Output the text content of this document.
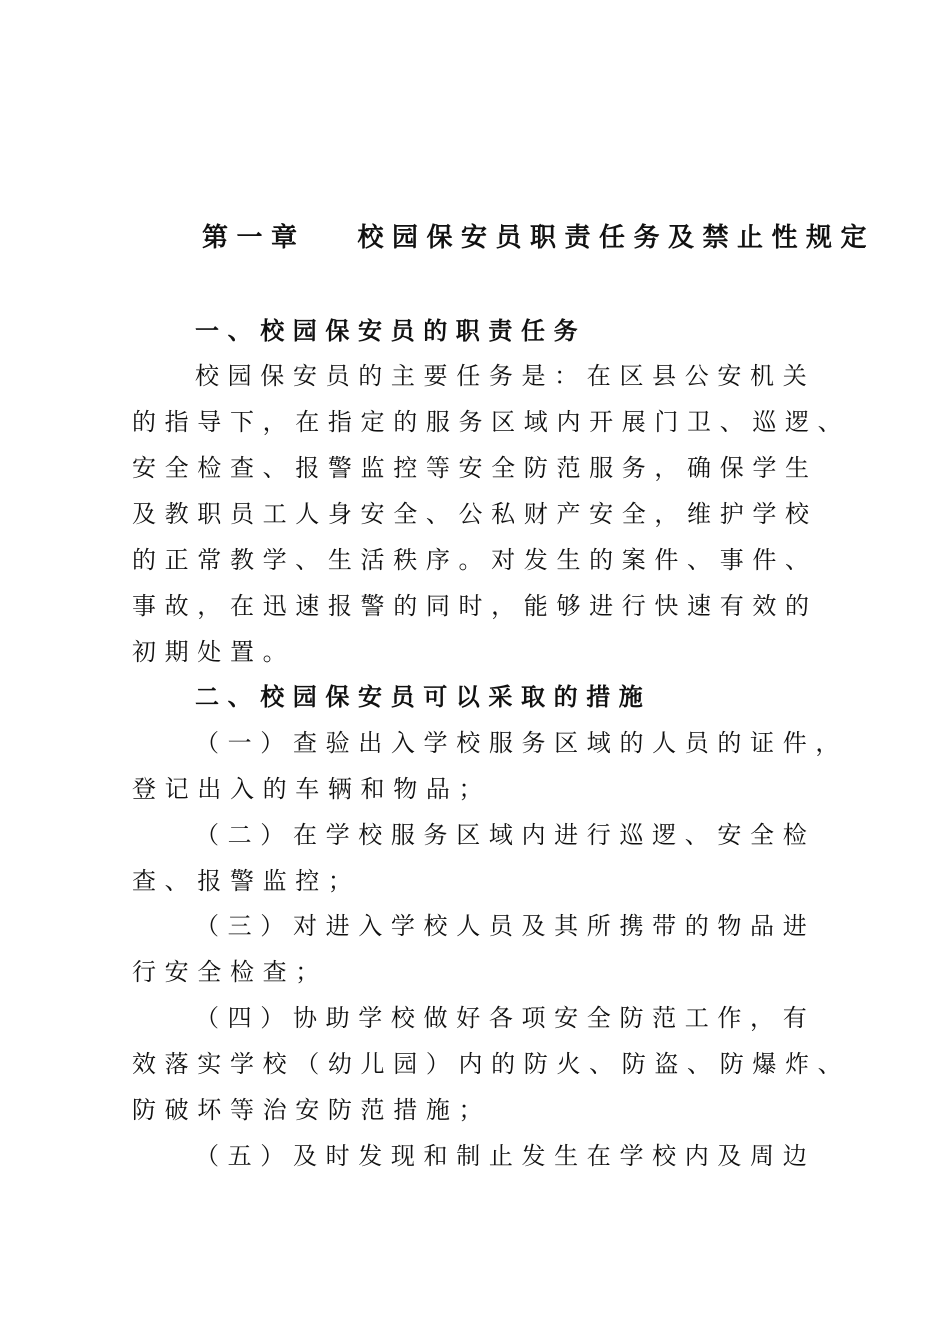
第一章　 校园保安员职责任务及禁止性规定
一、校园保安员的职责任务
校园保安员的主要任务是：在区县公安机关
的指导下，在指定的服务区域内开展门卫、巡逻、
安全检查、报警监控等安全防范服务，确保学生
及教职员工人身安全、公私财产安全，维护学校
的正常教学、生活秩序。对发生的案件、事件、
事故，在迅速报警的同时，能够进行快速有效的
初期处置。
二、校园保安员可以采取的措施
（一）查验出入学校服务区域的人员的证件，
登记出入的车辆和物品；
（二）在学校服务区域内进行巡逻、安全检
查、报警监控；
（三）对进入学校人员及其所携带的物品进
行安全检查；
（四）协助学校做好各项安全防范工作，有
效落实学校（幼儿园）内的防火、防盗、防爆炸、
防破坏等治安防范措施；
（五）及时发现和制止发生在学校内及周边
